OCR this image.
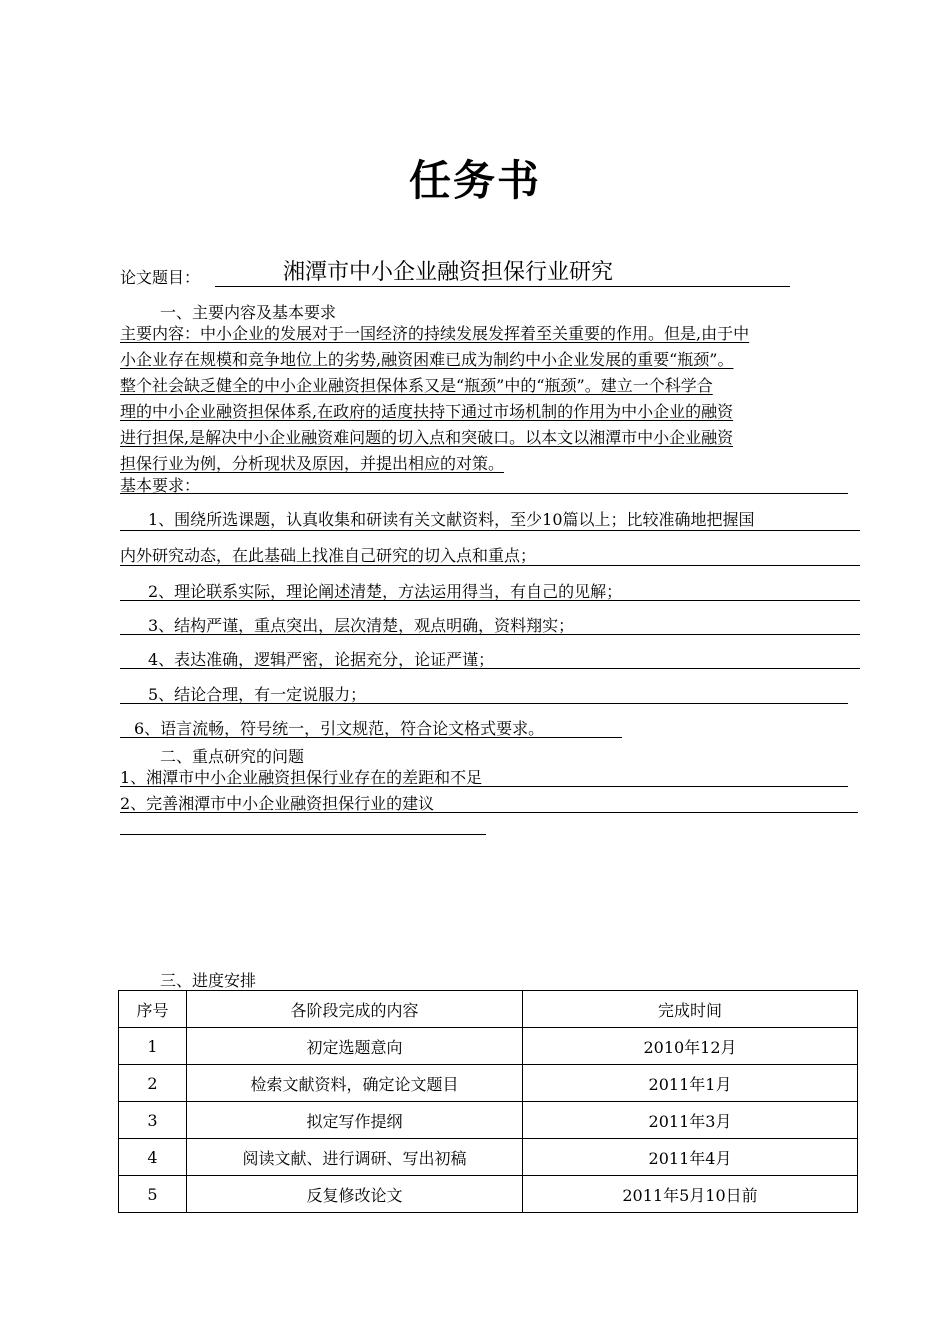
任务书
论文题目：	湘潭市中小企业融资担保行业研究
一、主要内容及基本要求
主要内容：中小企业的发展对于一国经济的持续发展发挥着至关重要的作用。但是,由于中
小企业存在规模和竞争地位上的劣势,融资困难已成为制约中小企业发展的重要“瓶颈”。
整个社会缺乏健全的中小企业融资担保体系又是“瓶颈”中的“瓶颈”。建立一个科学合
理的中小企业融资担保体系,在政府的适度扶持下通过市场机制的作用为中小企业的融资
进行担保,是解决中小企业融资难问题的切入点和突破口。以本文以湘潭市中小企业融资
担保行业为例，分析现状及原因，并提出相应的对策。
基本要求：
1、围绕所选课题，认真收集和研读有关文献资料，至少10篇以上；比较准确地把握国
内外研究动态，在此基础上找准自己研究的切入点和重点；
2、理论联系实际，理论阐述清楚，方法运用得当，有自己的见解；
3、结构严谨，重点突出，层次清楚，观点明确，资料翔实；
4、表达准确，逻辑严密，论据充分，论证严谨；
5、结论合理，有一定说服力；
6、语言流畅，符号统一，引文规范，符合论文格式要求。
二、重点研究的问题
1、湘潭市中小企业融资担保行业存在的差距和不足
2、完善湘潭市中小企业融资担保行业的建议
三、进度安排
序号	各阶段完成的内容	完成时间
1	初定选题意向	2010年12月
2	检索文献资料，确定论文题目	2011年1月
3	拟定写作提纲	2011年3月
4	阅读文献、进行调研、写出初稿	2011年4月
5	反复修改论文	2011年5月10日前
